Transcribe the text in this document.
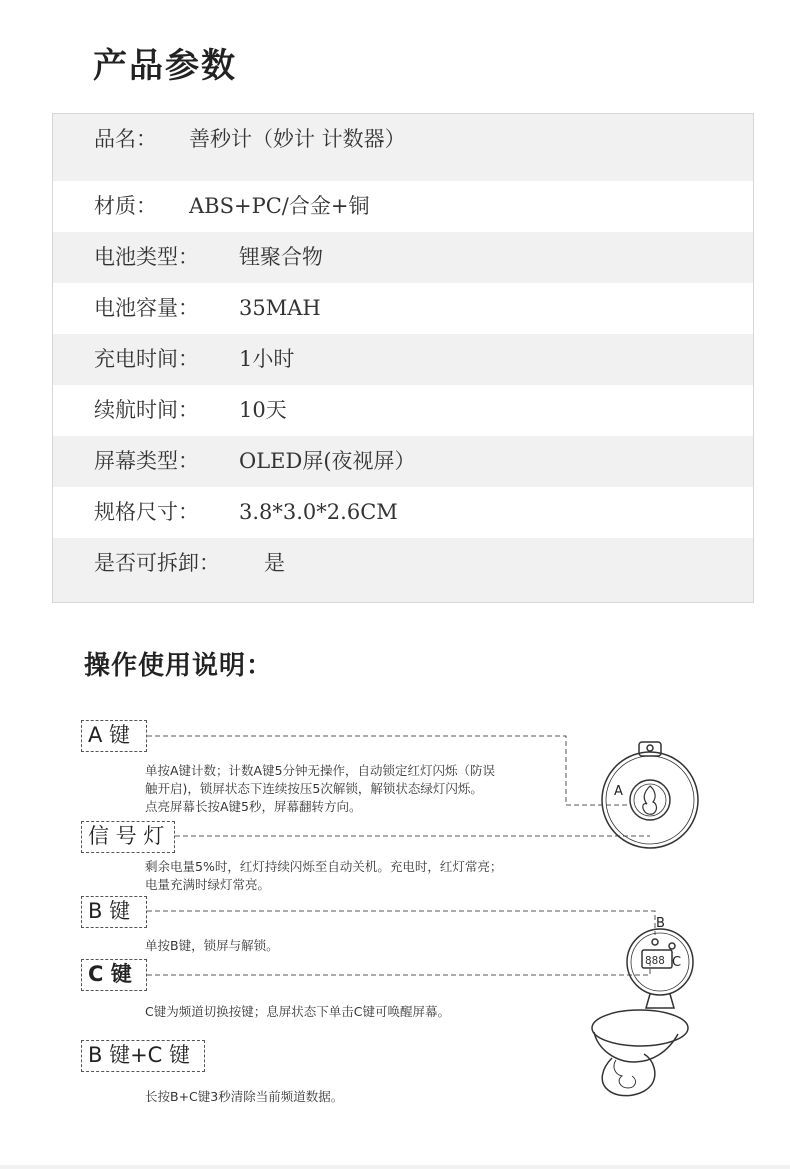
产品参数
品名： 善秒计（妙计 计数器）
材质： ABS+PC/合金+铜
电池类型： 锂聚合物
电池容量： 35MAH
充电时间： 1小时
续航时间： 10天
屏幕类型： OLED屏(夜视屏）
规格尺寸： 3.8*3.0*2.6CM
是否可拆卸： 是
操作使用说明：
A
888
B
C
A 键
单按A键计数；计数A键5分钟无操作，自动锁定红灯闪烁（防误
触开启)，锁屏状态下连续按压5次解锁，解锁状态绿灯闪烁。
点亮屏幕长按A键5秒，屏幕翻转方向。
信 号 灯
剩余电量5%时，红灯持续闪烁至自动关机。充电时，红灯常亮；
电量充满时绿灯常亮。
B 键
单按B键，锁屏与解锁。
C 键
C键为频道切换按键；息屏状态下单击C键可唤醒屏幕。
B 键+C 键
长按B+C键3秒清除当前频道数据。
